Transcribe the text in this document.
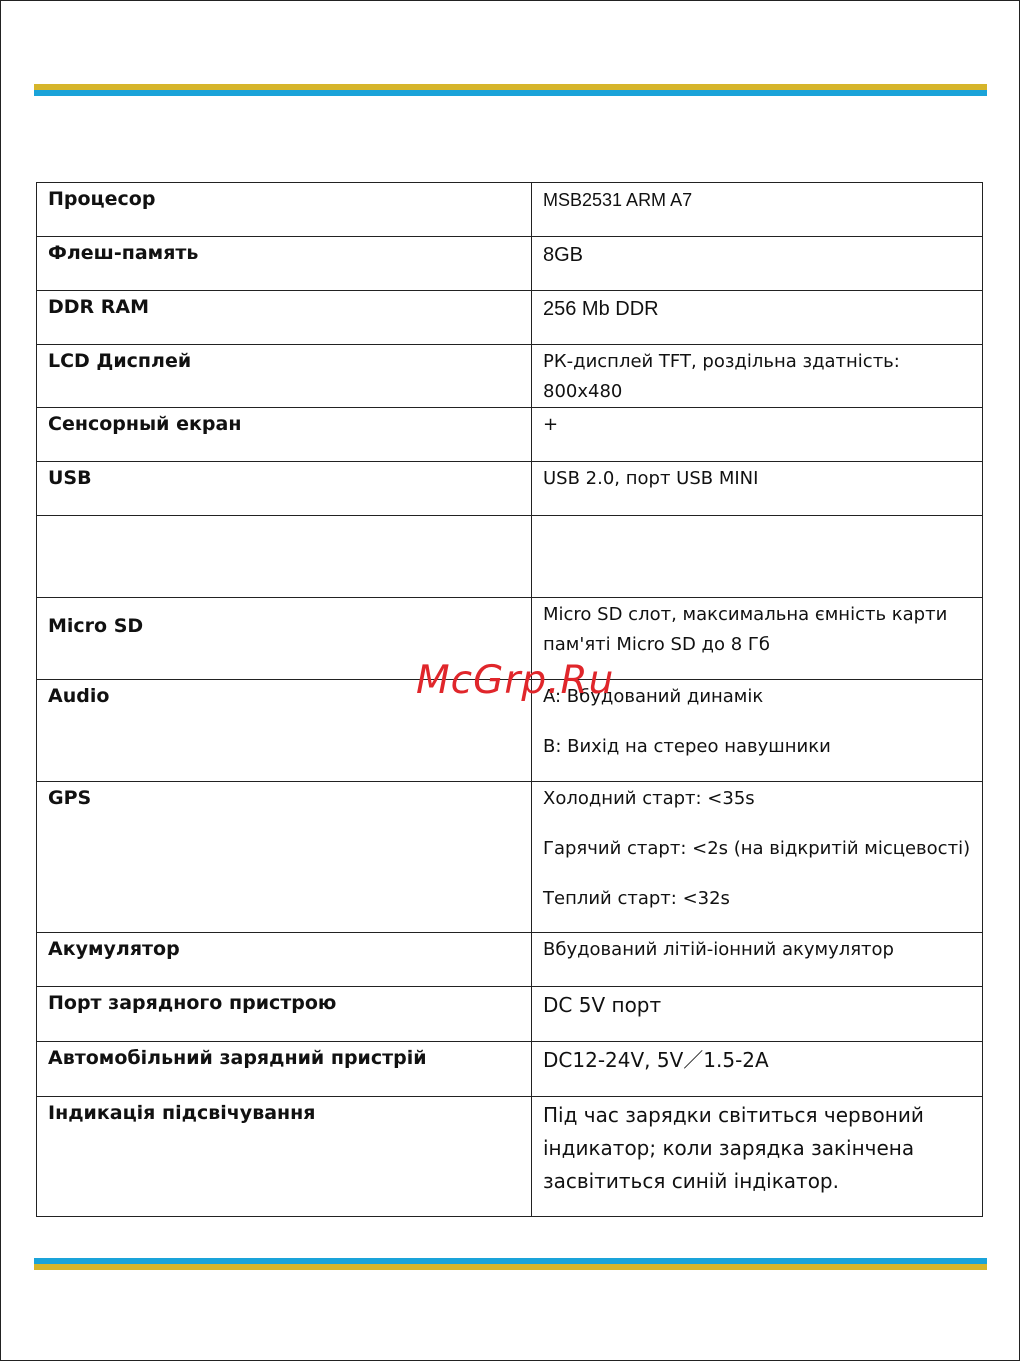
Процесор	MSB2531 ARM A7

Флеш-память	8GB

DDR RAM	256 Mb DDR

LCD Дисплей	РК-дисплей TFT, роздільна здатність: 800x480

Сенсорный екран	+

USB	USB 2.0, порт USB MINI

Micro SD	Micro SD слот, максимальна ємність карти
пам'яті Micro SD до 8 Гб

Audio	A: Вбудований динамік
B: Вихід на стерео навушники

GPS	Холодний старт: <35s
Гарячий старт: <2s (на відкритій місцевості)
Теплий старт: <32s

Акумулятор	Вбудований літій-іонний акумулятор

Порт зарядного пристрою	DC 5V порт

Автомобільний зарядний пристрій	DC12-24V, 5V／1.5-2A

Індикація підсвічування	Під час зарядки світиться червоний
індикатор; коли зарядка закінчена
засвітиться синій індікатор.
McGrp.Ru
